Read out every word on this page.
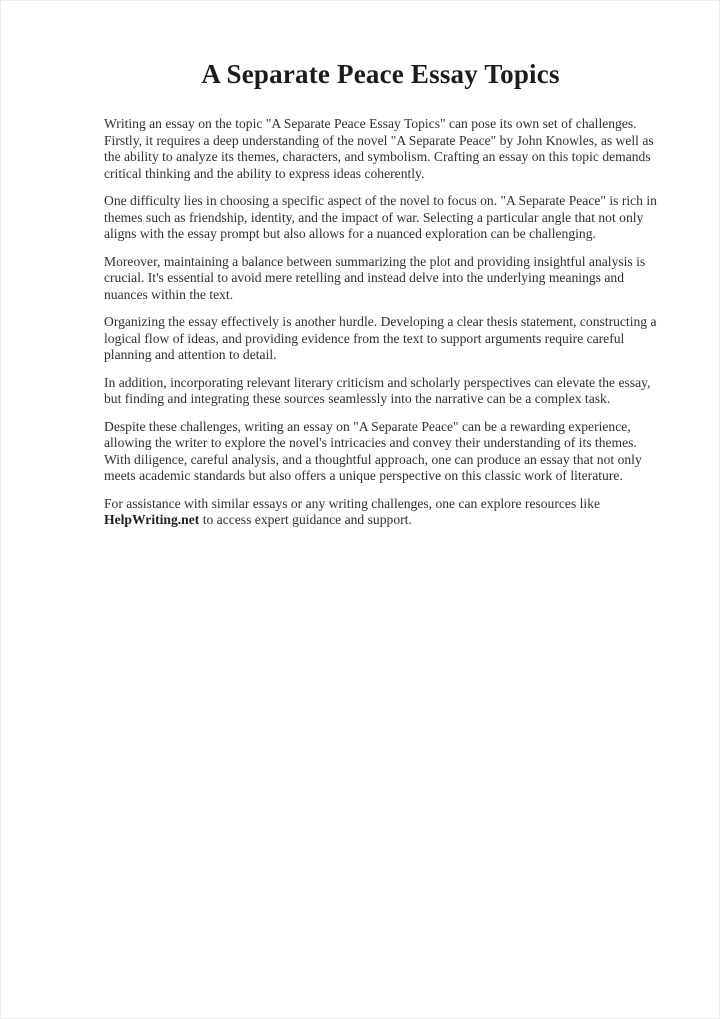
A Separate Peace Essay Topics

Writing an essay on the topic "A Separate Peace Essay Topics" can pose its own set of challenges. Firstly, it requires a deep understanding of the novel "A Separate Peace" by John Knowles, as well as the ability to analyze its themes, characters, and symbolism. Crafting an essay on this topic demands critical thinking and the ability to express ideas coherently.

One difficulty lies in choosing a specific aspect of the novel to focus on. "A Separate Peace" is rich in themes such as friendship, identity, and the impact of war. Selecting a particular angle that not only aligns with the essay prompt but also allows for a nuanced exploration can be challenging.

Moreover, maintaining a balance between summarizing the plot and providing insightful analysis is crucial. It's essential to avoid mere retelling and instead delve into the underlying meanings and nuances within the text.

Organizing the essay effectively is another hurdle. Developing a clear thesis statement, constructing a logical flow of ideas, and providing evidence from the text to support arguments require careful planning and attention to detail.

In addition, incorporating relevant literary criticism and scholarly perspectives can elevate the essay, but finding and integrating these sources seamlessly into the narrative can be a complex task.

Despite these challenges, writing an essay on "A Separate Peace" can be a rewarding experience, allowing the writer to explore the novel's intricacies and convey their understanding of its themes. With diligence, careful analysis, and a thoughtful approach, one can produce an essay that not only meets academic standards but also offers a unique perspective on this classic work of literature.

For assistance with similar essays or any writing challenges, one can explore resources like HelpWriting.net to access expert guidance and support.
